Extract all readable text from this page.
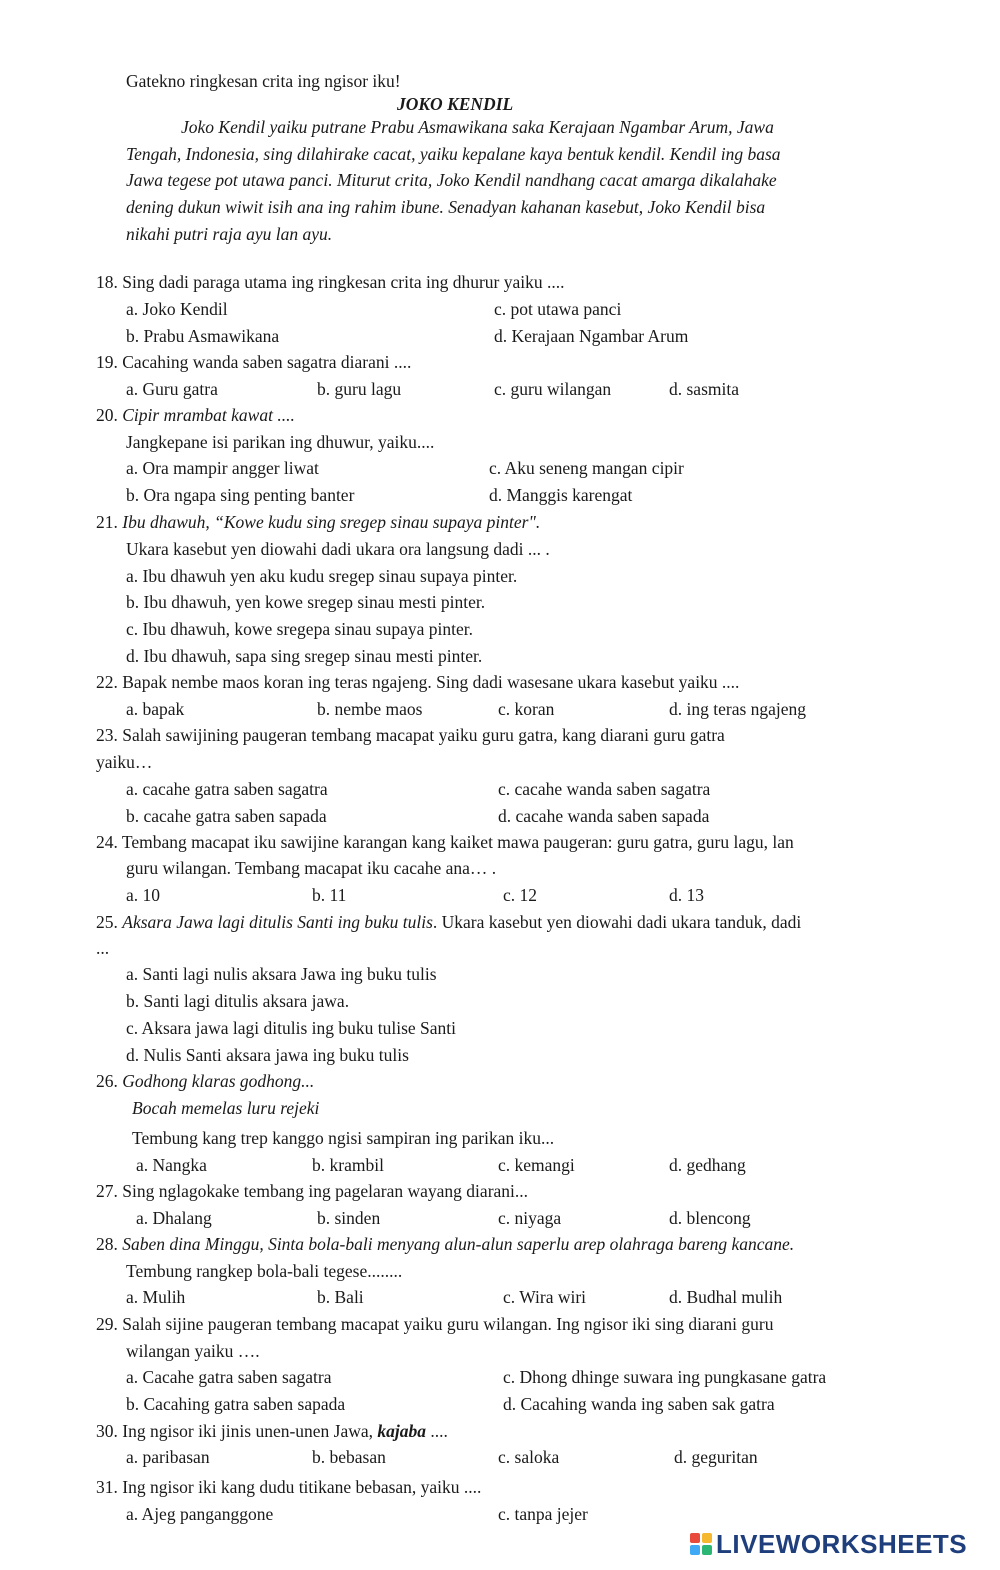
Gatekno ringkesan crita ing ngisor iku!
JOKO KENDIL
Joko Kendil yaiku putrane Prabu Asmawikana saka Kerajaan Ngambar Arum, Jawa
Tengah, Indonesia, sing dilahirake cacat, yaiku kepalane kaya bentuk kendil. Kendil ing basa
Jawa tegese pot utawa panci. Miturut crita, Joko Kendil nandhang cacat amarga dikalahake
dening dukun wiwit isih ana ing rahim ibune. Senadyan kahanan kasebut, Joko Kendil bisa
nikahi putri raja ayu lan ayu.
18. Sing dadi paraga utama ing ringkesan crita ing dhurur yaiku ....
a. Joko Kendil	c. pot utawa panci
b. Prabu Asmawikana	d. Kerajaan Ngambar Arum
19. Cacahing wanda saben sagatra diarani ....
a. Guru gatra	b. guru lagu	c. guru wilangan	d. sasmita
20. Cipir mrambat kawat ....
Jangkepane isi parikan ing dhuwur, yaiku....
a. Ora mampir angger liwat	c. Aku seneng mangan cipir
b. Ora ngapa sing penting banter	d. Manggis karengat
21. Ibu dhawuh, “Kowe kudu sing sregep sinau supaya pinter".
Ukara kasebut yen diowahi dadi ukara ora langsung dadi ... .
a. Ibu dhawuh yen aku kudu sregep sinau supaya pinter.
b. Ibu dhawuh, yen kowe sregep sinau mesti pinter.
c. Ibu dhawuh, kowe sregepa sinau supaya pinter.
d. Ibu dhawuh, sapa sing sregep sinau mesti pinter.
22. Bapak nembe maos koran ing teras ngajeng. Sing dadi wasesane ukara kasebut yaiku ....
a. bapak	b. nembe maos	c. koran	d. ing teras ngajeng
23. Salah sawijining paugeran tembang macapat yaiku guru gatra, kang diarani guru gatra
yaiku…
a. cacahe gatra saben sagatra	c. cacahe wanda saben sagatra
b. cacahe gatra saben sapada	d. cacahe wanda saben sapada
24. Tembang macapat iku sawijine karangan kang kaiket mawa paugeran: guru gatra, guru lagu, lan
guru wilangan. Tembang macapat iku cacahe ana… .
a. 10	b. 11	c. 12	d. 13
25. Aksara Jawa lagi ditulis Santi ing buku tulis. Ukara kasebut yen diowahi dadi ukara tanduk, dadi
...
a. Santi lagi nulis aksara Jawa ing buku tulis
b. Santi lagi ditulis aksara jawa.
c. Aksara jawa lagi ditulis ing buku tulise Santi
d. Nulis Santi aksara jawa ing buku tulis
26. Godhong klaras godhong...
Bocah memelas luru rejeki
Tembung kang trep kanggo ngisi sampiran ing parikan iku...
a. Nangka	b. krambil	c. kemangi	d. gedhang
27. Sing nglagokake tembang ing pagelaran wayang diarani...
a. Dhalang	b. sinden	c. niyaga	d. blencong
28. Saben dina Minggu, Sinta bola-bali menyang alun-alun saperlu arep olahraga bareng kancane.
Tembung rangkep bola-bali tegese........
a. Mulih	b. Bali	c. Wira wiri	d. Budhal mulih
29. Salah sijine paugeran tembang macapat yaiku guru wilangan. Ing ngisor iki sing diarani guru
wilangan yaiku ….
a. Cacahe gatra saben sagatra	c. Dhong dhinge suwara ing pungkasane gatra
b. Cacahing gatra saben sapada	d. Cacahing wanda ing saben sak gatra
30. Ing ngisor iki jinis unen-unen Jawa, kajaba ....
a. paribasan	b. bebasan	c. saloka	d. geguritan
31. Ing ngisor iki kang dudu titikane bebasan, yaiku ....
a. Ajeg panganggone	c. tanpa jejer
LIVEWORKSHEETS
